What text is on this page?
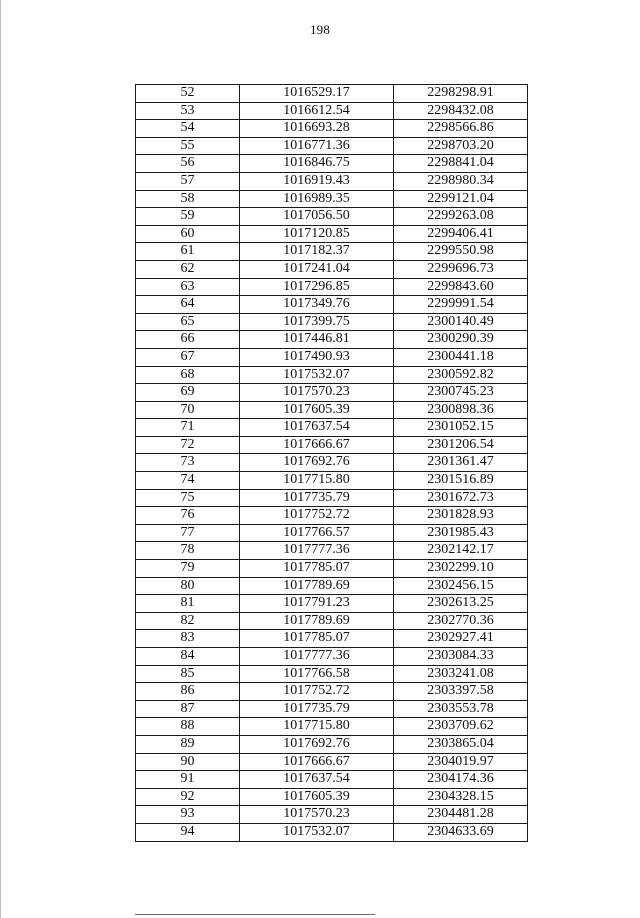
198
52	1016529.17	2298298.91
53	1016612.54	2298432.08
54	1016693.28	2298566.86
55	1016771.36	2298703.20
56	1016846.75	2298841.04
57	1016919.43	2298980.34
58	1016989.35	2299121.04
59	1017056.50	2299263.08
60	1017120.85	2299406.41
61	1017182.37	2299550.98
62	1017241.04	2299696.73
63	1017296.85	2299843.60
64	1017349.76	2299991.54
65	1017399.75	2300140.49
66	1017446.81	2300290.39
67	1017490.93	2300441.18
68	1017532.07	2300592.82
69	1017570.23	2300745.23
70	1017605.39	2300898.36
71	1017637.54	2301052.15
72	1017666.67	2301206.54
73	1017692.76	2301361.47
74	1017715.80	2301516.89
75	1017735.79	2301672.73
76	1017752.72	2301828.93
77	1017766.57	2301985.43
78	1017777.36	2302142.17
79	1017785.07	2302299.10
80	1017789.69	2302456.15
81	1017791.23	2302613.25
82	1017789.69	2302770.36
83	1017785.07	2302927.41
84	1017777.36	2303084.33
85	1017766.58	2303241.08
86	1017752.72	2303397.58
87	1017735.79	2303553.78
88	1017715.80	2303709.62
89	1017692.76	2303865.04
90	1017666.67	2304019.97
91	1017637.54	2304174.36
92	1017605.39	2304328.15
93	1017570.23	2304481.28
94	1017532.07	2304633.69
